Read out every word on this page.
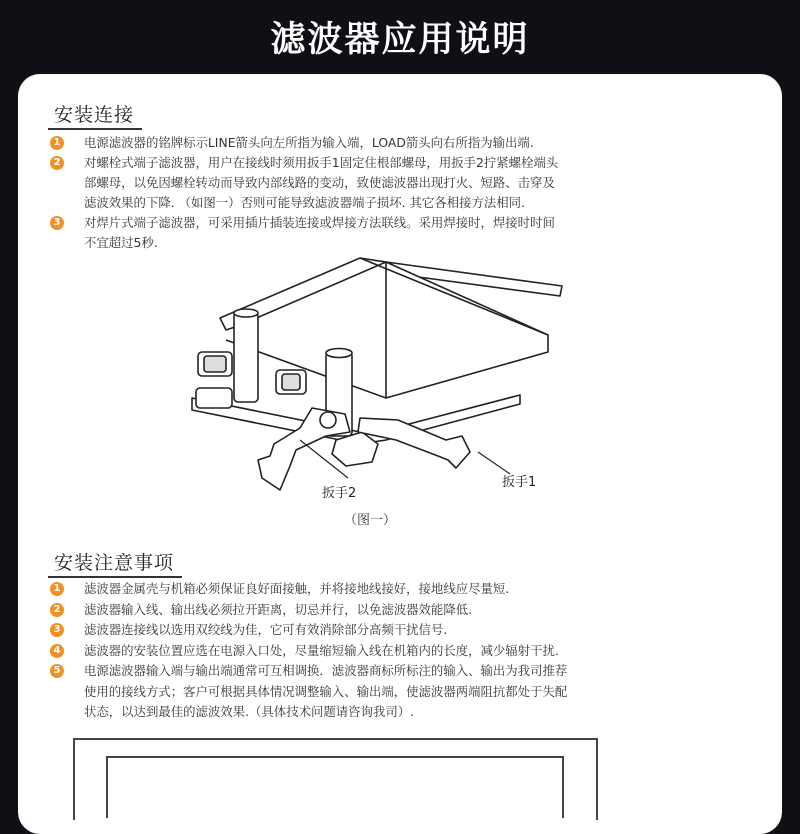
滤波器应用说明
安装连接
1 电源滤波器的铭牌标示LINE箭头向左所指为输入端，LOAD箭头向右所指为输出端.
2 对螺栓式端子滤波器，用户在接线时须用扳手1固定住根部螺母，用扳手2拧紧螺栓端头
部螺母，以免因螺栓转动而导致内部线路的变动，致使滤波器出现打火、短路、击穿及
滤波效果的下降. （如图一）否则可能导致滤波器端子损坏. 其它各相接方法相同.
3 对焊片式端子滤波器，可采用插片插装连接或焊接方法联线。采用焊接时，焊接时时间
不宜超过5秒.
扳手2
扳手1

（图一）

安装注意事项
1 滤波器金属壳与机箱必须保证良好面接触，并将接地线接好，接地线应尽量短.
2 滤波器输入线、输出线必须拉开距离，切忌并行，以免滤波器效能降低.
3 滤波器连接线以选用双绞线为佳，它可有效消除部分高频干扰信号.
4 滤波器的安装位置应选在电源入口处，尽量缩短输入线在机箱内的长度，减少辐射干扰.
5 电源滤波器输入端与输出端通常可互相调换．滤波器商标所标注的输入、输出为我司推荐
使用的接线方式；客户可根据具体情况调整输入、输出端，使滤波器两端阻抗都处于失配
状态，以达到最佳的滤波效果.（具体技术问题请咨询我司）.
